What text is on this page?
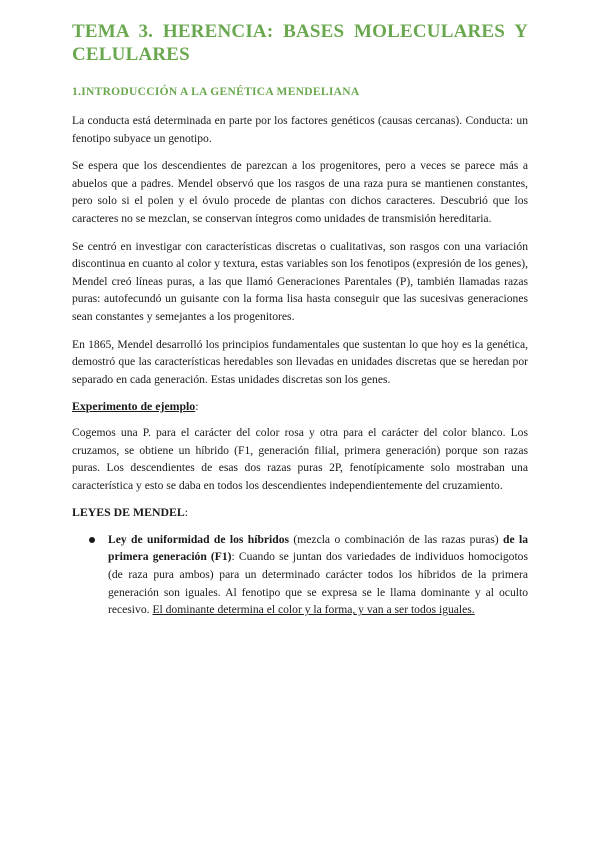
TEMA 3. HERENCIA: BASES MOLECULARES Y CELULARES
1.INTRODUCCIÓN A LA GENÉTICA MENDELIANA

La conducta está determinada en parte por los factores genéticos (causas cercanas). Conducta: un fenotipo subyace un genotipo.

Se espera que los descendientes de parezcan a los progenitores, pero a veces se parece más a abuelos que a padres. Mendel observó que los rasgos de una raza pura se mantienen constantes, pero solo si el polen y el óvulo procede de plantas con dichos caracteres. Descubrió que los caracteres no se mezclan, se conservan íntegros como unidades de transmisión hereditaria.

Se centró en investigar con características discretas o cualitativas, son rasgos con una variación discontinua en cuanto al color y textura, estas variables son los fenotipos (expresión de los genes), Mendel creó líneas puras, a las que llamó Generaciones Parentales (P), también llamadas razas puras: autofecundó un guisante con la forma lisa hasta conseguir que las sucesivas generaciones sean constantes y semejantes a los progenitores.

En 1865, Mendel desarrolló los principios fundamentales que sustentan lo que hoy es la genética, demostró que las características heredables son llevadas en unidades discretas que se heredan por separado en cada generación. Estas unidades discretas son los genes.

Experimento de ejemplo:

Cogemos una P. para el carácter del color rosa y otra para el carácter del color blanco. Los cruzamos, se obtiene un híbrido (F1, generación filial, primera generación) porque son razas puras. Los descendientes de esas dos razas puras 2P, fenotípicamente solo mostraban una característica y esto se daba en todos los descendientes independientemente del cruzamiento.

LEYES DE MENDEL:
Ley de uniformidad de los híbridos (mezcla o combinación de las razas puras) de la primera generación (F1): Cuando se juntan dos variedades de individuos homocigotos (de raza pura ambos) para un determinado carácter todos los híbridos de la primera generación son iguales. Al fenotipo que se expresa se le llama dominante y al oculto recesivo. El dominante determina el color y la forma, y van a ser todos iguales.
